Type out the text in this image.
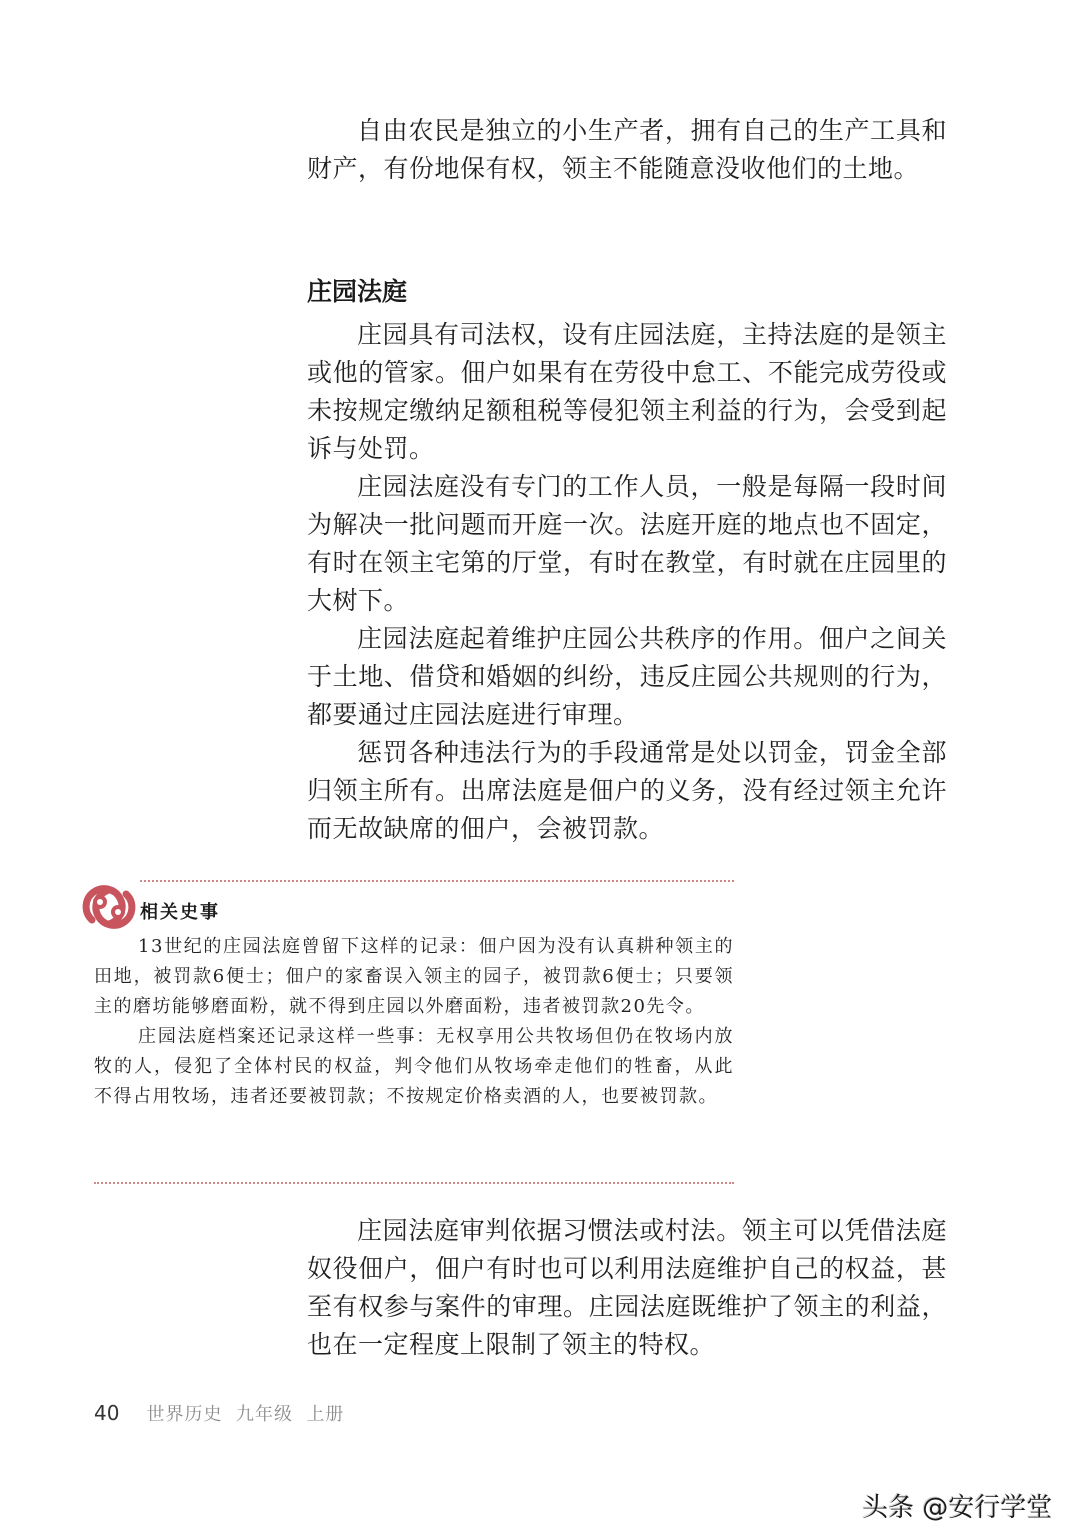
自由农民是独立的小生产者，拥有自己的生产工具和财产，有份地保有权，领主不能随意没收他们的土地。

庄园法庭

庄园具有司法权，设有庄园法庭，主持法庭的是领主或他的管家。佃户如果有在劳役中怠工、不能完成劳役或未按规定缴纳足额租税等侵犯领主利益的行为，会受到起诉与处罚。

庄园法庭没有专门的工作人员，一般是每隔一段时间为解决一批问题而开庭一次。法庭开庭的地点也不固定，有时在领主宅第的厅堂，有时在教堂，有时就在庄园里的大树下。

庄园法庭起着维护庄园公共秩序的作用。佃户之间关于土地、借贷和婚姻的纠纷，违反庄园公共规则的行为，都要通过庄园法庭进行审理。

惩罚各种违法行为的手段通常是处以罚金，罚金全部归领主所有。出席法庭是佃户的义务，没有经过领主允许而无故缺席的佃户，会被罚款。

相关史事

13世纪的庄园法庭曾留下这样的记录：佃户因为没有认真耕种领主的田地，被罚款6便士；佃户的家畜误入领主的园子，被罚款6便士；只要领主的磨坊能够磨面粉，就不得到庄园以外磨面粉，违者被罚款20先令。

庄园法庭档案还记录这样一些事：无权享用公共牧场但仍在牧场内放牧的人，侵犯了全体村民的权益，判令他们从牧场牵走他们的牲畜，从此不得占用牧场，违者还要被罚款；不按规定价格卖酒的人，也要被罚款。

庄园法庭审判依据习惯法或村法。领主可以凭借法庭奴役佃户，佃户有时也可以利用法庭维护自己的权益，甚至有权参与案件的审理。庄园法庭既维护了领主的利益，也在一定程度上限制了领主的特权。

40 世界历史  九年级  上册
头条 @安行学堂
